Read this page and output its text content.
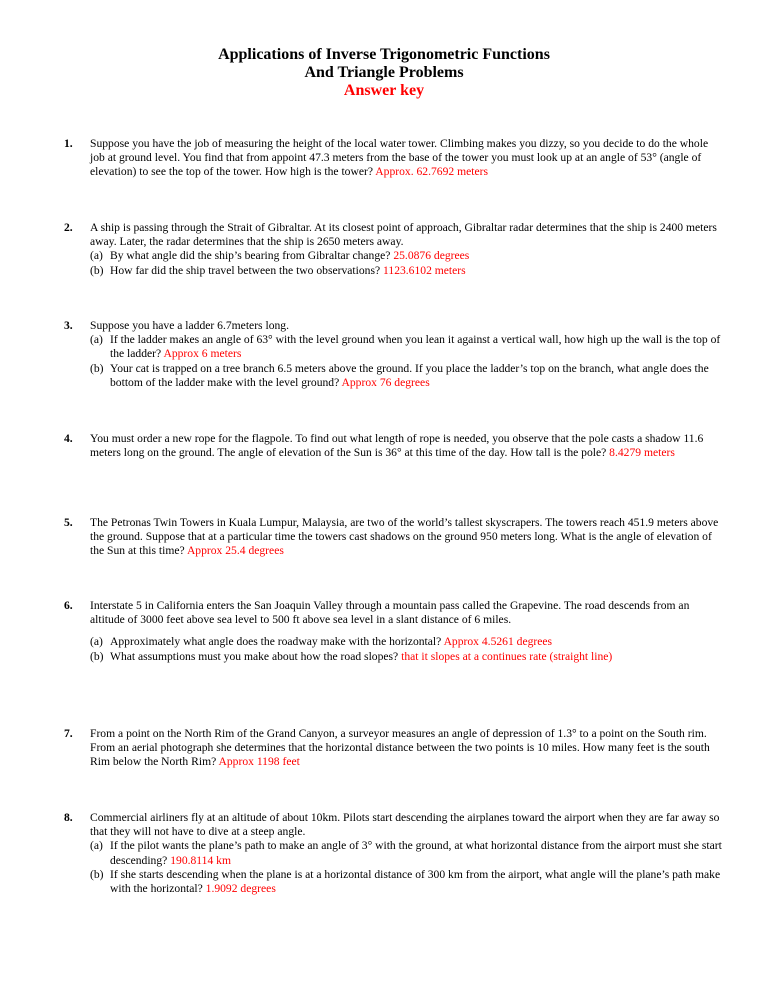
Applications of Inverse Trigonometric Functions
And Triangle Problems
Answer key
1. Suppose you have the job of measuring the height of the local water tower. Climbing makes you dizzy, so you decide to do the whole job at ground level. You find that from appoint 47.3 meters from the base of the tower you must look up at an angle of 53° (angle of elevation) to see the top of the tower. How high is the tower? Approx. 62.7692 meters
2. A ship is passing through the Strait of Gibraltar. At its closest point of approach, Gibraltar radar determines that the ship is 2400 meters away. Later, the radar determines that the ship is 2650 meters away.
(a) By what angle did the ship’s bearing from Gibraltar change? 25.0876 degrees
(b) How far did the ship travel between the two observations? 1123.6102 meters
3. Suppose you have a ladder 6.7meters long.
(a) If the ladder makes an angle of 63° with the level ground when you lean it against a vertical wall, how high up the wall is the top of the ladder? Approx 6 meters
(b) Your cat is trapped on a tree branch 6.5 meters above the ground. If you place the ladder’s top on the branch, what angle does the bottom of the ladder make with the level ground? Approx 76 degrees
4. You must order a new rope for the flagpole. To find out what length of rope is needed, you observe that the pole casts a shadow 11.6 meters long on the ground. The angle of elevation of the Sun is 36° at this time of the day. How tall is the pole? 8.4279 meters
5. The Petronas Twin Towers in Kuala Lumpur, Malaysia, are two of the world’s tallest skyscrapers. The towers reach 451.9 meters above the ground. Suppose that at a particular time the towers cast shadows on the ground 950 meters long. What is the angle of elevation of the Sun at this time? Approx 25.4 degrees
6. Interstate 5 in California enters the San Joaquin Valley through a mountain pass called the Grapevine. The road descends from an altitude of 3000 feet above sea level to 500 ft above sea level in a slant distance of 6 miles.
(a) Approximately what angle does the roadway make with the horizontal? Approx 4.5261 degrees
(b) What assumptions must you make about how the road slopes? that it slopes at a continues rate (straight line)
7. From a point on the North Rim of the Grand Canyon, a surveyor measures an angle of depression of 1.3° to a point on the South rim. From an aerial photograph she determines that the horizontal distance between the two points is 10 miles. How many feet is the south Rim below the North Rim? Approx 1198 feet
8. Commercial airliners fly at an altitude of about 10km. Pilots start descending the airplanes toward the airport when they are far away so that they will not have to dive at a steep angle.
(a) If the pilot wants the plane’s path to make an angle of 3° with the ground, at what horizontal distance from the airport must she start descending? 190.8114 km
(b) If she starts descending when the plane is at a horizontal distance of 300 km from the airport, what angle will the plane’s path make with the horizontal? 1.9092 degrees
